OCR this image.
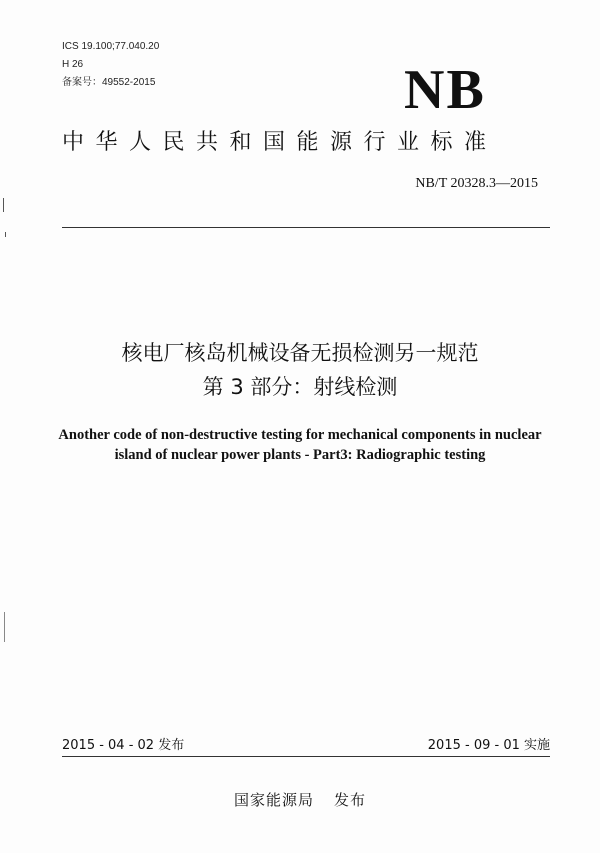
ICS 19.100;77.040.20
H 26
备案号：49552-2015	NB
中华人民共和国能源行业标准
NB/T 20328.3—2015
核电厂核岛机械设备无损检测另一规范
第 3 部分：射线检测
Another code of non-destructive testing for mechanical components in nuclear
island of nuclear power plants - Part3: Radiographic testing
2015 - 04 - 02 发布	2015 - 09 - 01 实施
国家能源局 发布
